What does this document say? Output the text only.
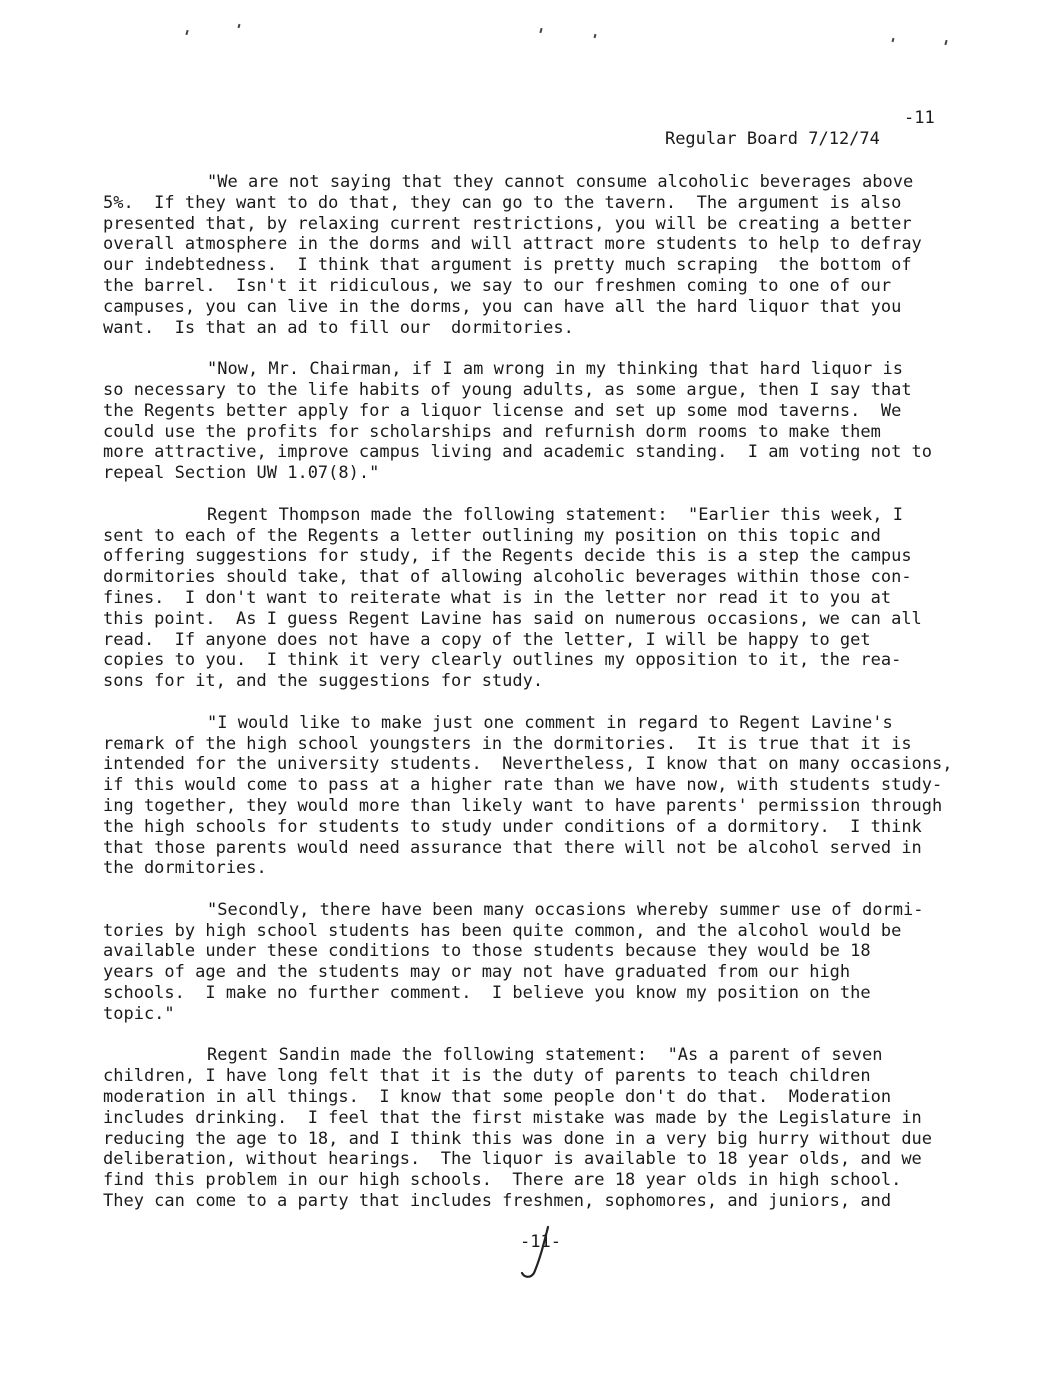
Regular Board 7/12/74

-11

"We are not saying that they cannot consume alcoholic beverages above
5%.  If they want to do that, they can go to the tavern.  The argument is also
presented that, by relaxing current restrictions, you will be creating a better
overall atmosphere in the dorms and will attract more students to help to defray
our indebtedness.  I think that argument is pretty much scraping  the bottom of
the barrel.  Isn't it ridiculous, we say to our freshmen coming to one of our
campuses, you can live in the dorms, you can have all the hard liquor that you
want.  Is that an ad to fill our  dormitories.
"Now, Mr. Chairman, if I am wrong in my thinking that hard liquor is
so necessary to the life habits of young adults, as some argue, then I say that
the Regents better apply for a liquor license and set up some mod taverns.  We
could use the profits for scholarships and refurnish dorm rooms to make them
more attractive, improve campus living and academic standing.  I am voting not to
repeal Section UW 1.07(8)."
Regent Thompson made the following statement:  "Earlier this week, I
sent to each of the Regents a letter outlining my position on this topic and
offering suggestions for study, if the Regents decide this is a step the campus
dormitories should take, that of allowing alcoholic beverages within those con-
fines.  I don't want to reiterate what is in the letter nor read it to you at
this point.  As I guess Regent Lavine has said on numerous occasions, we can all
read.  If anyone does not have a copy of the letter, I will be happy to get
copies to you.  I think it very clearly outlines my opposition to it, the rea-
sons for it, and the suggestions for study.
"I would like to make just one comment in regard to Regent Lavine's
remark of the high school youngsters in the dormitories.  It is true that it is
intended for the university students.  Nevertheless, I know that on many occasions,
if this would come to pass at a higher rate than we have now, with students study-
ing together, they would more than likely want to have parents' permission through
the high schools for students to study under conditions of a dormitory.  I think
that those parents would need assurance that there will not be alcohol served in
the dormitories.
"Secondly, there have been many occasions whereby summer use of dormi-
tories by high school students has been quite common, and the alcohol would be
available under these conditions to those students because they would be 18
years of age and the students may or may not have graduated from our high
schools.  I make no further comment.  I believe you know my position on the
topic."
Regent Sandin made the following statement:  "As a parent of seven
children, I have long felt that it is the duty of parents to teach children
moderation in all things.  I know that some people don't do that.  Moderation
includes drinking.  I feel that the first mistake was made by the Legislature in
reducing the age to 18, and I think this was done in a very big hurry without due
deliberation, without hearings.  The liquor is available to 18 year olds, and we
find this problem in our high schools.  There are 18 year olds in high school.
They can come to a party that includes freshmen, sophomores, and juniors, and
-11-
